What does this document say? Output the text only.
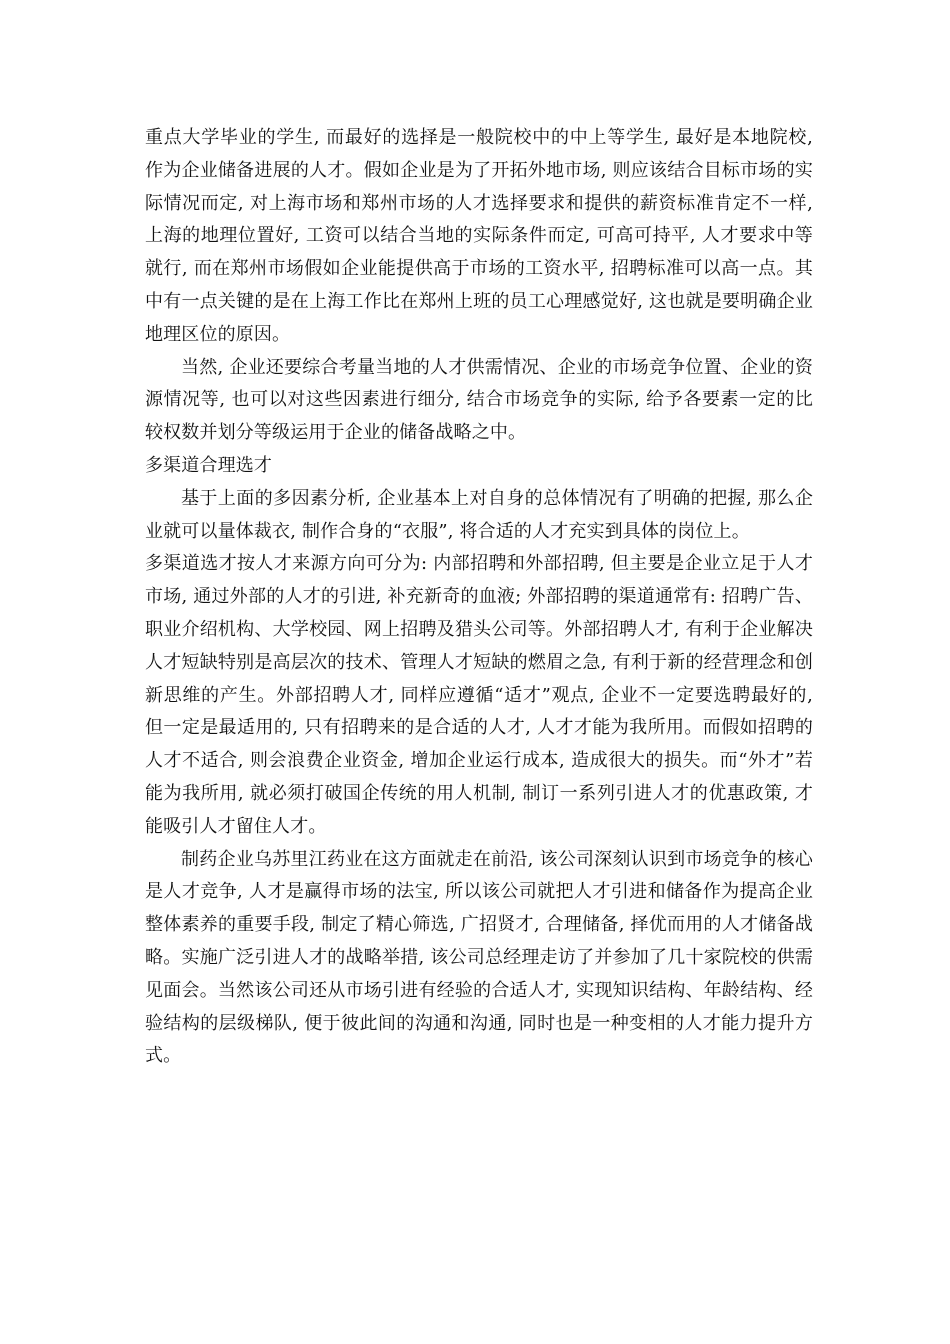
重点大学毕业的学生, 而最好的选择是一般院校中的中上等学生, 最好是本地院校, 作为企业储备进展的人才。假如企业是为了开拓外地市场, 则应该结合目标市场的实际情况而定, 对上海市场和郑州市场的人才选择要求和提供的薪资标准肯定不一样, 上海的地理位置好, 工资可以结合当地的实际条件而定, 可高可持平, 人才要求中等就行, 而在郑州市场假如企业能提供高于市场的工资水平, 招聘标准可以高一点。其中有一点关键的是在上海工作比在郑州上班的员工心理感觉好, 这也就是要明确企业地理区位的原因。

当然, 企业还要综合考量当地的人才供需情况、企业的市场竞争位置、企业的资源情况等, 也可以对这些因素进行细分, 结合市场竞争的实际, 给予各要素一定的比较权数并划分等级运用于企业的储备战略之中。

多渠道合理选才

基于上面的多因素分析, 企业基本上对自身的总体情况有了明确的把握, 那么企业就可以量体裁衣, 制作合身的“衣服”, 将合适的人才充实到具体的岗位上。

多渠道选才按人才来源方向可分为: 内部招聘和外部招聘, 但主要是企业立足于人才市场, 通过外部的人才的引进, 补充新奇的血液; 外部招聘的渠道通常有: 招聘广告、职业介绍机构、大学校园、网上招聘及猎头公司等。外部招聘人才, 有利于企业解决人才短缺特别是高层次的技术、管理人才短缺的燃眉之急, 有利于新的经营理念和创新思维的产生。外部招聘人才, 同样应遵循“适才”观点, 企业不一定要选聘最好的, 但一定是最适用的, 只有招聘来的是合适的人才, 人才才能为我所用。而假如招聘的人才不适合, 则会浪费企业资金, 增加企业运行成本, 造成很大的损失。而“外才”若能为我所用, 就必须打破国企传统的用人机制, 制订一系列引进人才的优惠政策, 才能吸引人才留住人才。

制药企业乌苏里江药业在这方面就走在前沿, 该公司深刻认识到市场竞争的核心是人才竞争, 人才是赢得市场的法宝, 所以该公司就把人才引进和储备作为提高企业整体素养的重要手段, 制定了精心筛选, 广招贤才, 合理储备, 择优而用的人才储备战略。实施广泛引进人才的战略举措, 该公司总经理走访了并参加了几十家院校的供需见面会。当然该公司还从市场引进有经验的合适人才, 实现知识结构、年龄结构、经验结构的层级梯队, 便于彼此间的沟通和沟通, 同时也是一种变相的人才能力提升方式。
